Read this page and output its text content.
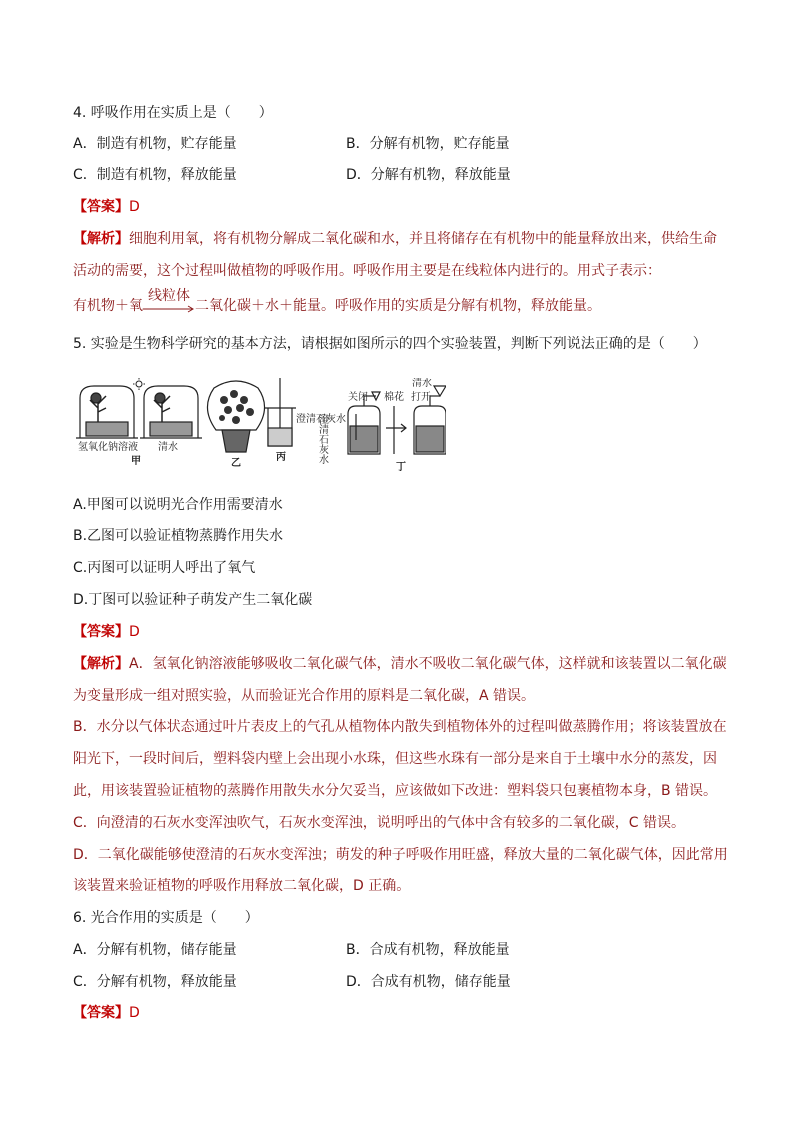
4. 呼吸作用在实质上是（　　）
A．制造有机物，贮存能量	B．分解有机物，贮存能量
C．制造有机物，释放能量	D．分解有机物，释放能量
【答案】D
【解析】细胞利用氧，将有机物分解成二氧化碳和水，并且将储存在有机物中的能量释放出来，供给生命
活动的需要，这个过程叫做植物的呼吸作用。呼吸作用主要是在线粒体内进行的。用式子表示：
有机物＋氧
线粒体
二氧化碳＋水＋能量。呼吸作用的实质是分解有机物，释放能量。
5. 实验是生物科学研究的基本方法，请根据如图所示的四个实验装置，判断下列说法正确的是（　　）
氢氧化钠溶液 清水
甲	乙
澄清石灰水
丙
关闭 棉花 打开
清水
澄清石灰水
丁
A.甲图可以说明光合作用需要清水
B.乙图可以验证植物蒸腾作用失水
C.丙图可以证明人呼出了氧气
D.丁图可以验证种子萌发产生二氧化碳
【答案】D
【解析】A．氢氧化钠溶液能够吸收二氧化碳气体，清水不吸收二氧化碳气体，这样就和该装置以二氧化碳
为变量形成一组对照实验，从而验证光合作用的原料是二氧化碳，A 错误。
B．水分以气体状态通过叶片表皮上的气孔从植物体内散失到植物体外的过程叫做蒸腾作用；将该装置放在
阳光下，一段时间后，塑料袋内壁上会出现小水珠，但这些水珠有一部分是来自于土壤中水分的蒸发，因
此，用该装置验证植物的蒸腾作用散失水分欠妥当，应该做如下改进：塑料袋只包裹植物本身，B 错误。
C．向澄清的石灰水变浑浊吹气，石灰水变浑浊，说明呼出的气体中含有较多的二氧化碳，C 错误。
D．二氧化碳能够使澄清的石灰水变浑浊；萌发的种子呼吸作用旺盛，释放大量的二氧化碳气体，因此常用
该装置来验证植物的呼吸作用释放二氧化碳，D 正确。
6. 光合作用的实质是（　　）
A．分解有机物，储存能量	B．合成有机物，释放能量
C．分解有机物，释放能量	D．合成有机物，储存能量
【答案】D
